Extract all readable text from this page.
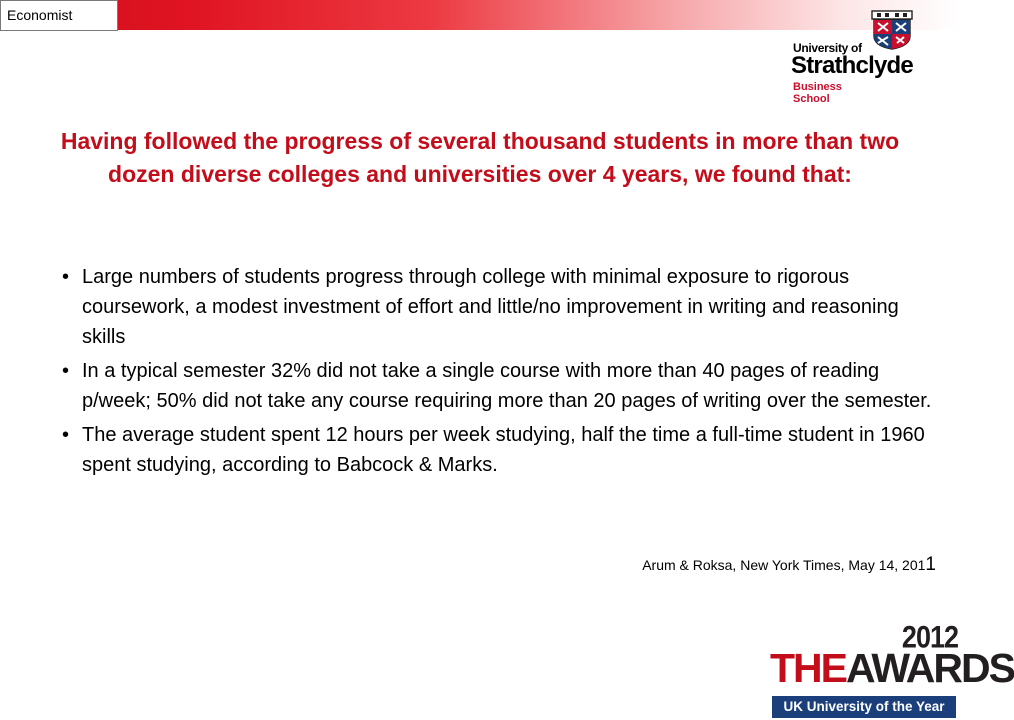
Economist
University of
Strathclyde
Business
School
Having followed the progress of several thousand students in more than two dozen diverse colleges and universities over 4 years, we found that:
• Large numbers of students progress through college with minimal exposure to rigorous coursework, a modest investment of effort and little/no improvement in writing and reasoning skills
• In a typical semester 32% did not take a single course with more than 40 pages of reading p/week; 50% did not take any course requiring more than 20 pages of writing over the semester.
• The average student spent 12 hours per week studying, half the time a full-time student in 1960 spent studying, according to Babcock & Marks.
Arum & Roksa, New York Times, May 14, 2011
2012
THEAWARDS
UK University of the Year
